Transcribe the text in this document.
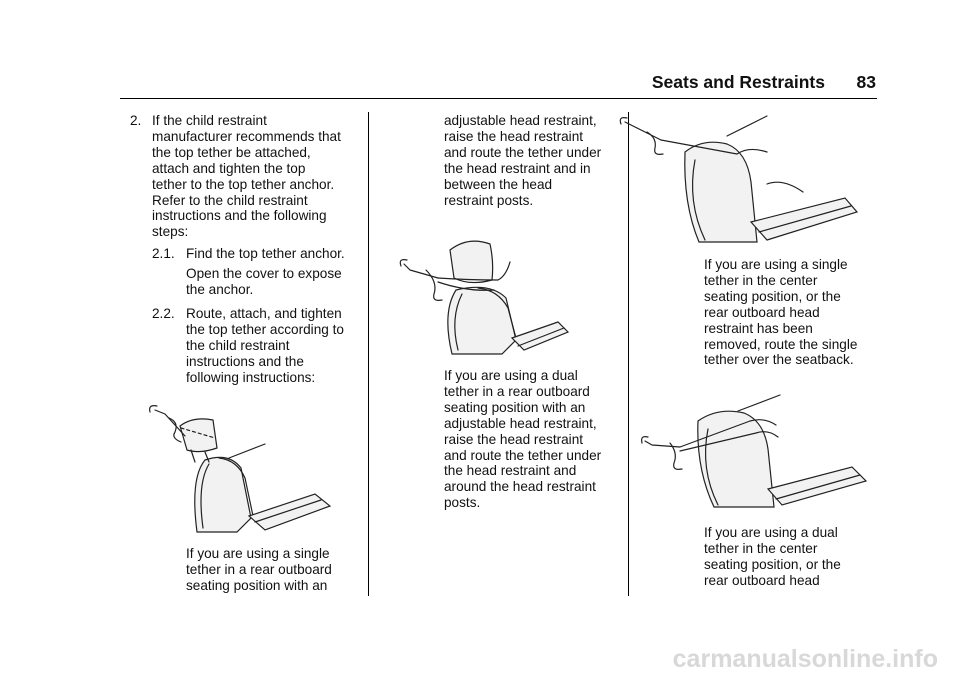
Seats and Restraints 83
2. If the child restraint
manufacturer recommends that
the top tether be attached,
attach and tighten the top
tether to the top tether anchor.
Refer to the child restraint
instructions and the following
steps:
2.1. Find the top tether anchor.
Open the cover to expose
the anchor.
2.2. Route, attach, and tighten
the top tether according to
the child restraint
instructions and the
following instructions:
If you are using a single
tether in a rear outboard
seating position with an
adjustable head restraint,
raise the head restraint
and route the tether under
the head restraint and in
between the head
restraint posts.
If you are using a dual
tether in a rear outboard
seating position with an
adjustable head restraint,
raise the head restraint
and route the tether under
the head restraint and
around the head restraint
posts.
If you are using a single
tether in the center
seating position, or the
rear outboard head
restraint has been
removed, route the single
tether over the seatback.
If you are using a dual
tether in the center
seating position, or the
rear outboard head
carmanualsonline.info
